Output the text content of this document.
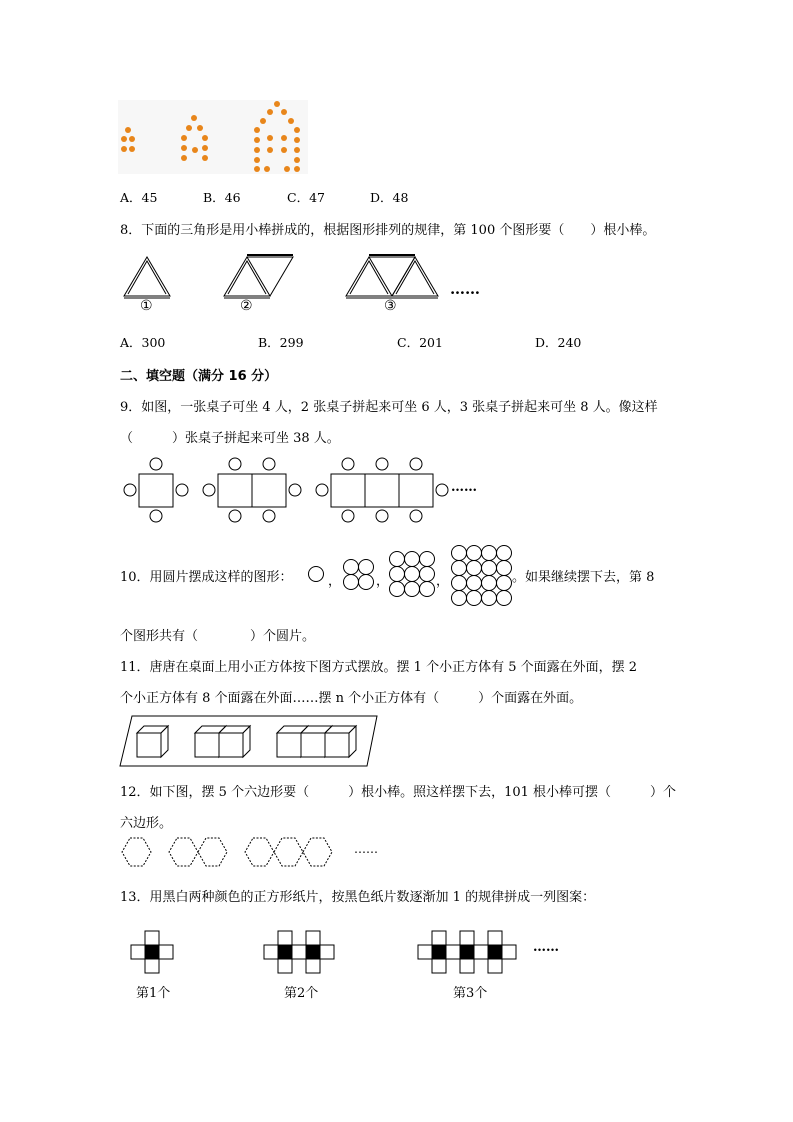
A．45	B．46	C．47	D．48
8．下面的三角形是用小棒拼成的，根据图形排列的规律，第 100 个图形要（　　）根小棒。
①	②	③
……
A．300	B．299	C．201	D．240
二、填空题（满分 16 分）
9．如图，一张桌子可坐 4 人，2 张桌子拼起来可坐 6 人，3 张桌子拼起来可坐 8 人。像这样
（　　　）张桌子拼起来可坐 38 人。
……
10．用圆片摆成这样的图形：	，	，	，	。如果继续摆下去，第 8
个图形共有（　　　　）个圆片。
11．唐唐在桌面上用小正方体按下图方式摆放。摆 1 个小正方体有 5 个面露在外面，摆 2
个小正方体有 8 个面露在外面……摆 n 个小正方体有（　　　）个面露在外面。
12．如下图，摆 5 个六边形要（　　　）根小棒。照这样摆下去，101 根小棒可摆（　　　）个
六边形。
……
13．用黑白两种颜色的正方形纸片，按黑色纸片数逐渐加 1 的规律拼成一列图案：
第1个	第2个	第3个
……
